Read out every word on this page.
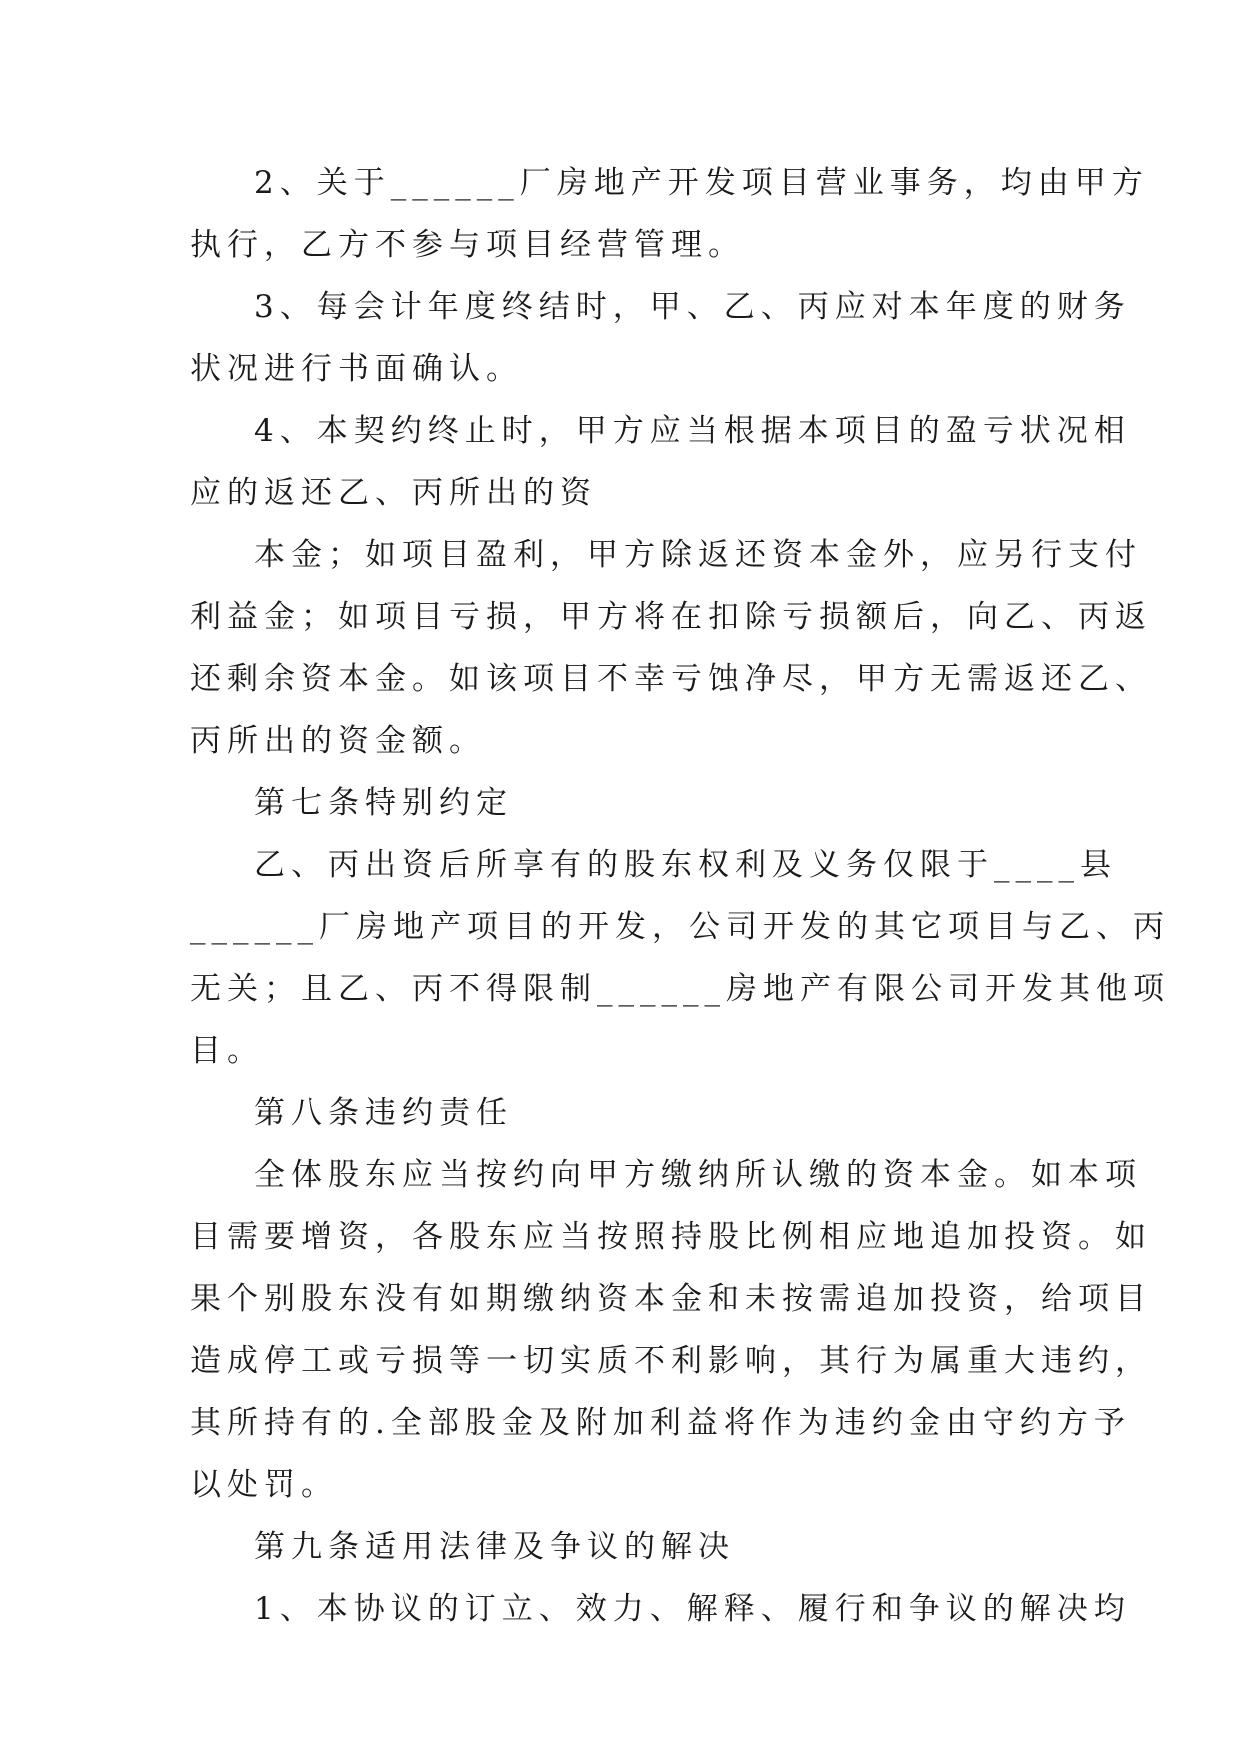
2、关于______厂房地产开发项目营业事务，均由甲方

执行，乙方不参与项目经营管理。

3、每会计年度终结时，甲、乙、丙应对本年度的财务

状况进行书面确认。

4、本契约终止时，甲方应当根据本项目的盈亏状况相

应的返还乙、丙所出的资

本金；如项目盈利，甲方除返还资本金外，应另行支付

利益金；如项目亏损，甲方将在扣除亏损额后，向乙、丙返

还剩余资本金。如该项目不幸亏蚀净尽，甲方无需返还乙、

丙所出的资金额。

第七条特别约定

乙、丙出资后所享有的股东权利及义务仅限于____县

______厂房地产项目的开发，公司开发的其它项目与乙、丙

无关；且乙、丙不得限制______房地产有限公司开发其他项

目。

第八条违约责任

全体股东应当按约向甲方缴纳所认缴的资本金。如本项

目需要增资，各股东应当按照持股比例相应地追加投资。如

果个别股东没有如期缴纳资本金和未按需追加投资，给项目

造成停工或亏损等一切实质不利影响，其行为属重大违约，

其所持有的.全部股金及附加利益将作为违约金由守约方予

以处罚。

第九条适用法律及争议的解决

1、本协议的订立、效力、解释、履行和争议的解决均
